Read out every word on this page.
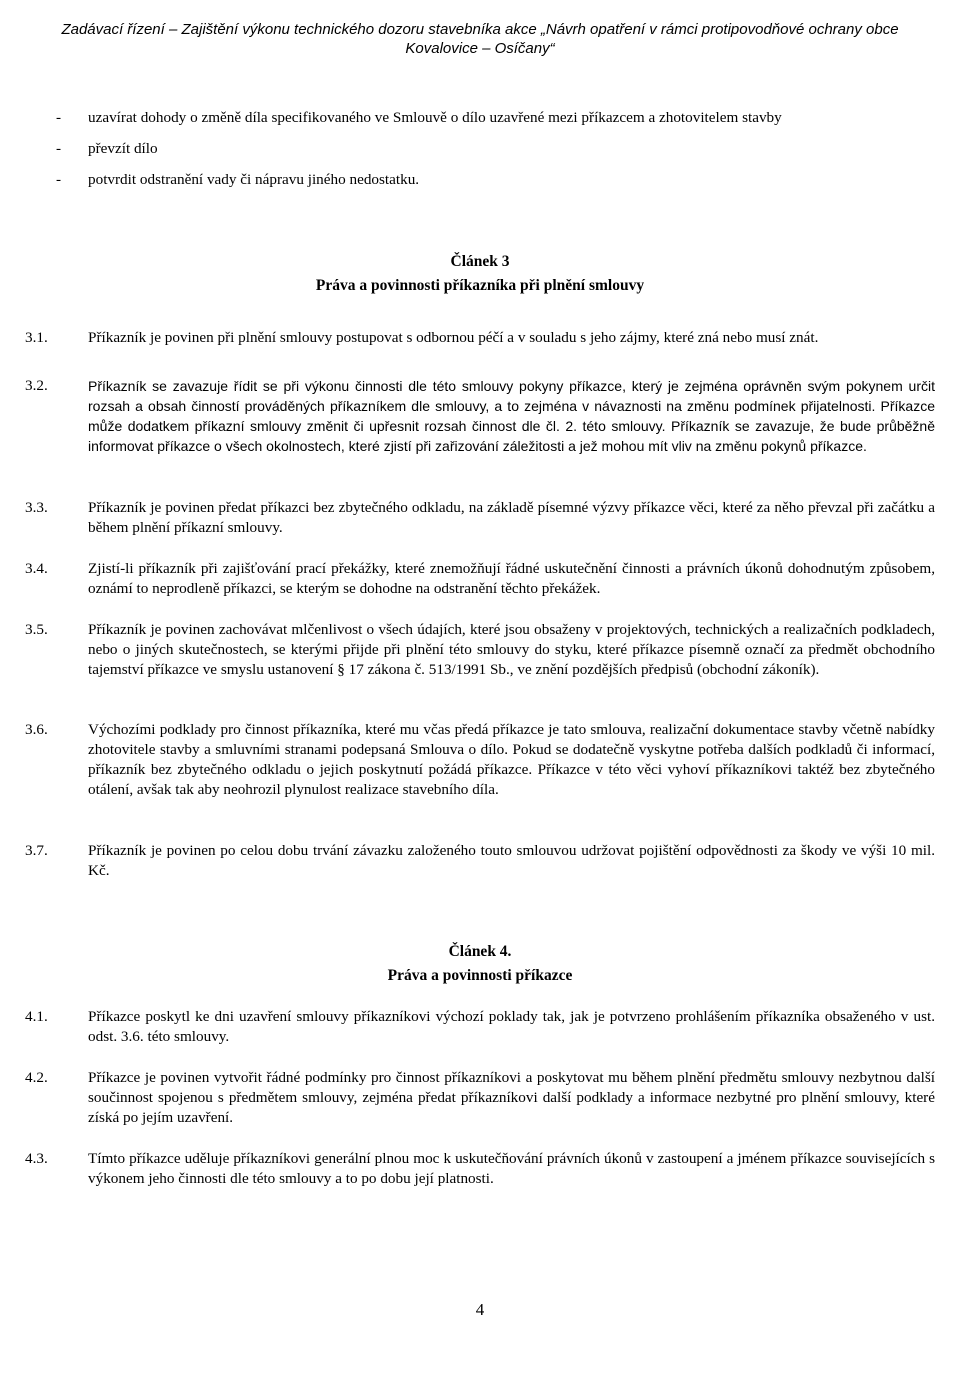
Zadávací řízení – Zajištění výkonu technického dozoru stavebníka akce „Návrh opatření v rámci protipovodňové ochrany obce
Kovalovice – Osíčany“
-	uzavírat dohody o změně díla specifikovaného ve Smlouvě o dílo uzavřené mezi příkazcem a zhotovitelem stavby
-	převzít dílo
-	potvrdit odstranění vady či nápravu jiného nedostatku.
Článek 3
Práva a povinnosti příkazníka při plnění smlouvy
3.1.	Příkazník je povinen při plnění smlouvy postupovat s odbornou péčí a v souladu s jeho zájmy, které zná nebo musí znát.
3.2.	Příkazník se zavazuje řídit se při výkonu činnosti dle této smlouvy pokyny příkazce, který je zejména oprávněn svým pokynem určit rozsah a obsah činností prováděných příkazníkem dle smlouvy, a to zejména v návaznosti na změnu podmínek přijatelnosti. Příkazce může dodatkem příkazní smlouvy změnit či upřesnit rozsah činnost dle čl. 2. této smlouvy. Příkazník se zavazuje, že bude průběžně informovat příkazce o všech okolnostech, které zjistí při zařizování záležitosti a jež mohou mít vliv na změnu pokynů příkazce.
3.3.	Příkazník je povinen předat příkazci bez zbytečného odkladu, na základě písemné výzvy příkazce věci, které za něho převzal při začátku a během plnění příkazní smlouvy.
3.4.	Zjistí-li příkazník při zajišťování prací překážky, které znemožňují řádné uskutečnění činnosti a právních úkonů dohodnutým způsobem, oznámí to neprodleně příkazci, se kterým se dohodne na odstranění těchto překážek.
3.5.	Příkazník je povinen zachovávat mlčenlivost o všech údajích, které jsou obsaženy v projektových, technických a realizačních podkladech, nebo o jiných skutečnostech, se kterými přijde při plnění této smlouvy do styku, které příkazce písemně označí za předmět obchodního tajemství příkazce ve smyslu ustanovení § 17 zákona č. 513/1991 Sb., ve znění pozdějších předpisů (obchodní zákoník).
3.6.	Výchozími podklady pro činnost příkazníka, které mu včas předá příkazce je tato smlouva, realizační dokumentace stavby včetně nabídky zhotovitele stavby a smluvními stranami podepsaná Smlouva o dílo. Pokud se dodatečně vyskytne potřeba dalších podkladů či informací, příkazník bez zbytečného odkladu o jejich poskytnutí požádá příkazce. Příkazce v této věci vyhoví příkazníkovi taktéž bez zbytečného otálení, avšak tak aby neohrozil plynulost realizace stavebního díla.
3.7.	Příkazník je povinen po celou dobu trvání závazku založeného touto smlouvou udržovat pojištění odpovědnosti za škody ve výši 10 mil. Kč.
Článek 4.
Práva a povinnosti příkazce
4.1.	Příkazce poskytl ke dni uzavření smlouvy příkazníkovi výchozí poklady tak, jak je potvrzeno prohlášením příkazníka obsaženého v ust. odst. 3.6. této smlouvy.
4.2.	Příkazce je povinen vytvořit řádné podmínky pro činnost příkazníkovi a poskytovat mu během plnění předmětu smlouvy nezbytnou další součinnost spojenou s předmětem smlouvy, zejména předat příkazníkovi další podklady a informace nezbytné pro plnění smlouvy, které získá po jejím uzavření.
4.3.	Tímto příkazce uděluje příkazníkovi generální plnou moc k uskutečňování právních úkonů v zastoupení a jménem příkazce souvisejících s výkonem jeho činnosti dle této smlouvy a to po dobu její platnosti.
4
